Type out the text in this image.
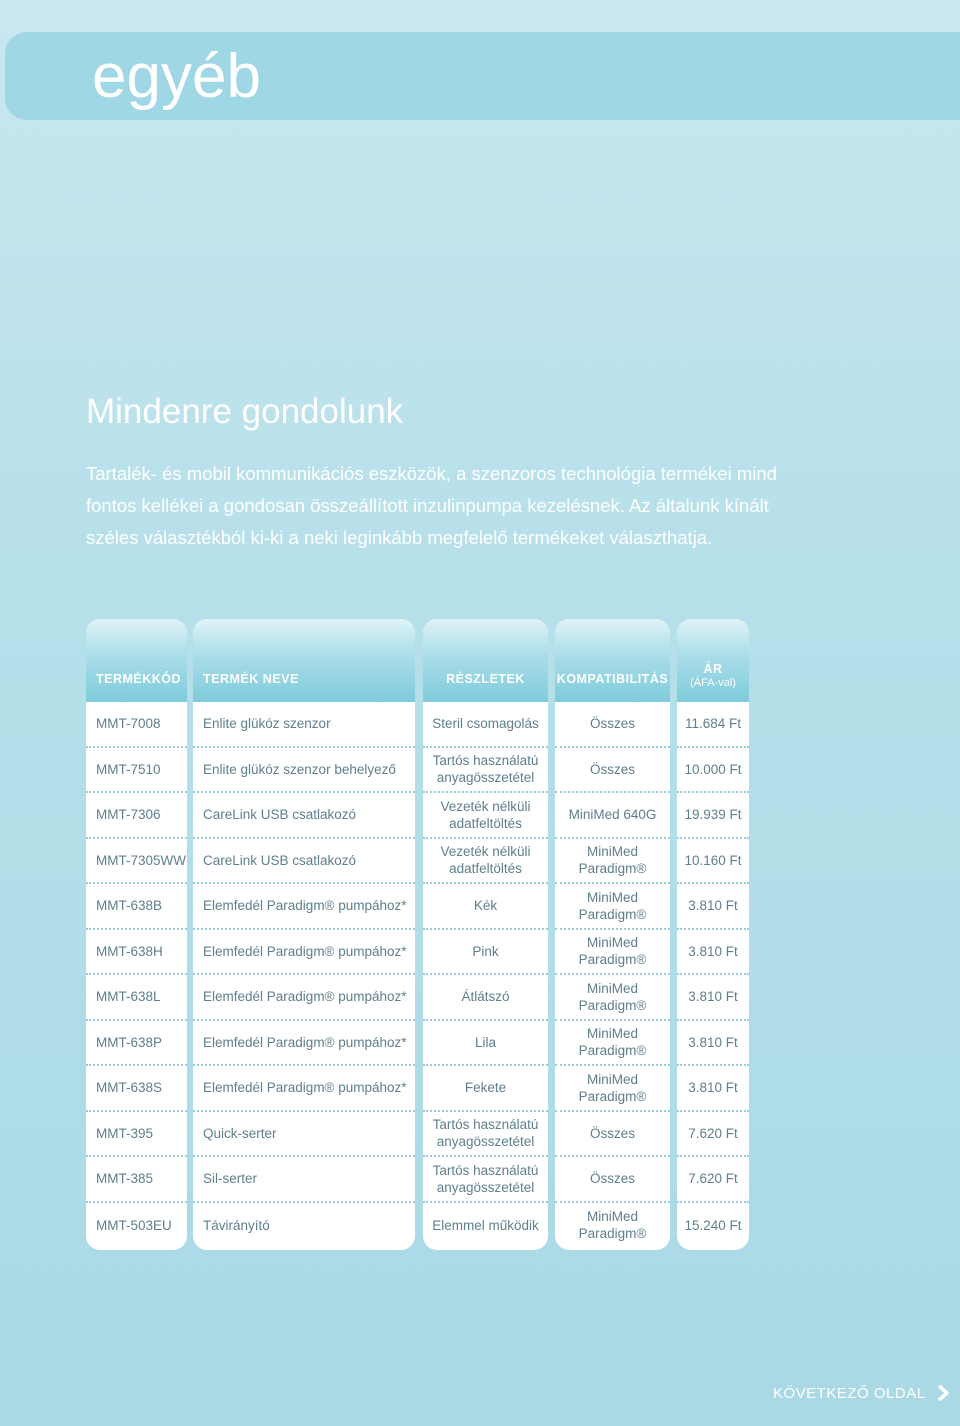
egyéb
Mindenre gondolunk

Tartalék- és mobil kommunikációs eszközök, a szenzoros technológia termékei mind fontos kellékei a gondosan összeállított inzulinpumpa kezelésnek. Az általunk kínált széles választékból ki-ki a neki leginkább megfelelő termékeket választhatja.

TERMÉKKÓD
MMT-7008
MMT-7510
MMT-7306
MMT-7305WW
MMT-638B
MMT-638H
MMT-638L
MMT-638P
MMT-638S
MMT-395
MMT-385
MMT-503EU
TERMÉK NEVE
Enlite glükóz szenzor
Enlite glükóz szenzor behelyező
CareLink USB csatlakozó
CareLink USB csatlakozó
Elemfedél Paradigm® pumpához*
Elemfedél Paradigm® pumpához*
Elemfedél Paradigm® pumpához*
Elemfedél Paradigm® pumpához*
Elemfedél Paradigm® pumpához*
Quick-serter
Sil-serter
Távirányító
RÉSZLETEK
Steril csomagolás
Tartós használatú
anyagösszetétel
Vezeték nélküli
adatfeltöltés
Vezeték nélküli
adatfeltöltés
Kék
Pink
Átlátszó
Lila
Fekete
Tartós használatú
anyagösszetétel
Tartós használatú
anyagösszetétel
Elemmel működik
KOMPATIBILITÁS
Összes
Összes
MiniMed 640G
MiniMed
Paradigm®
MiniMed
Paradigm®
MiniMed
Paradigm®
MiniMed
Paradigm®
MiniMed
Paradigm®
MiniMed
Paradigm®
Összes
Összes
MiniMed
Paradigm®
ÁR
(ÁFA-val)
11.684 Ft
10.000 Ft
19.939 Ft
10.160 Ft
3.810 Ft
3.810 Ft
3.810 Ft
3.810 Ft
3.810 Ft
7.620 Ft
7.620 Ft
15.240 Ft
KÖVETKEZŐ OLDAL
